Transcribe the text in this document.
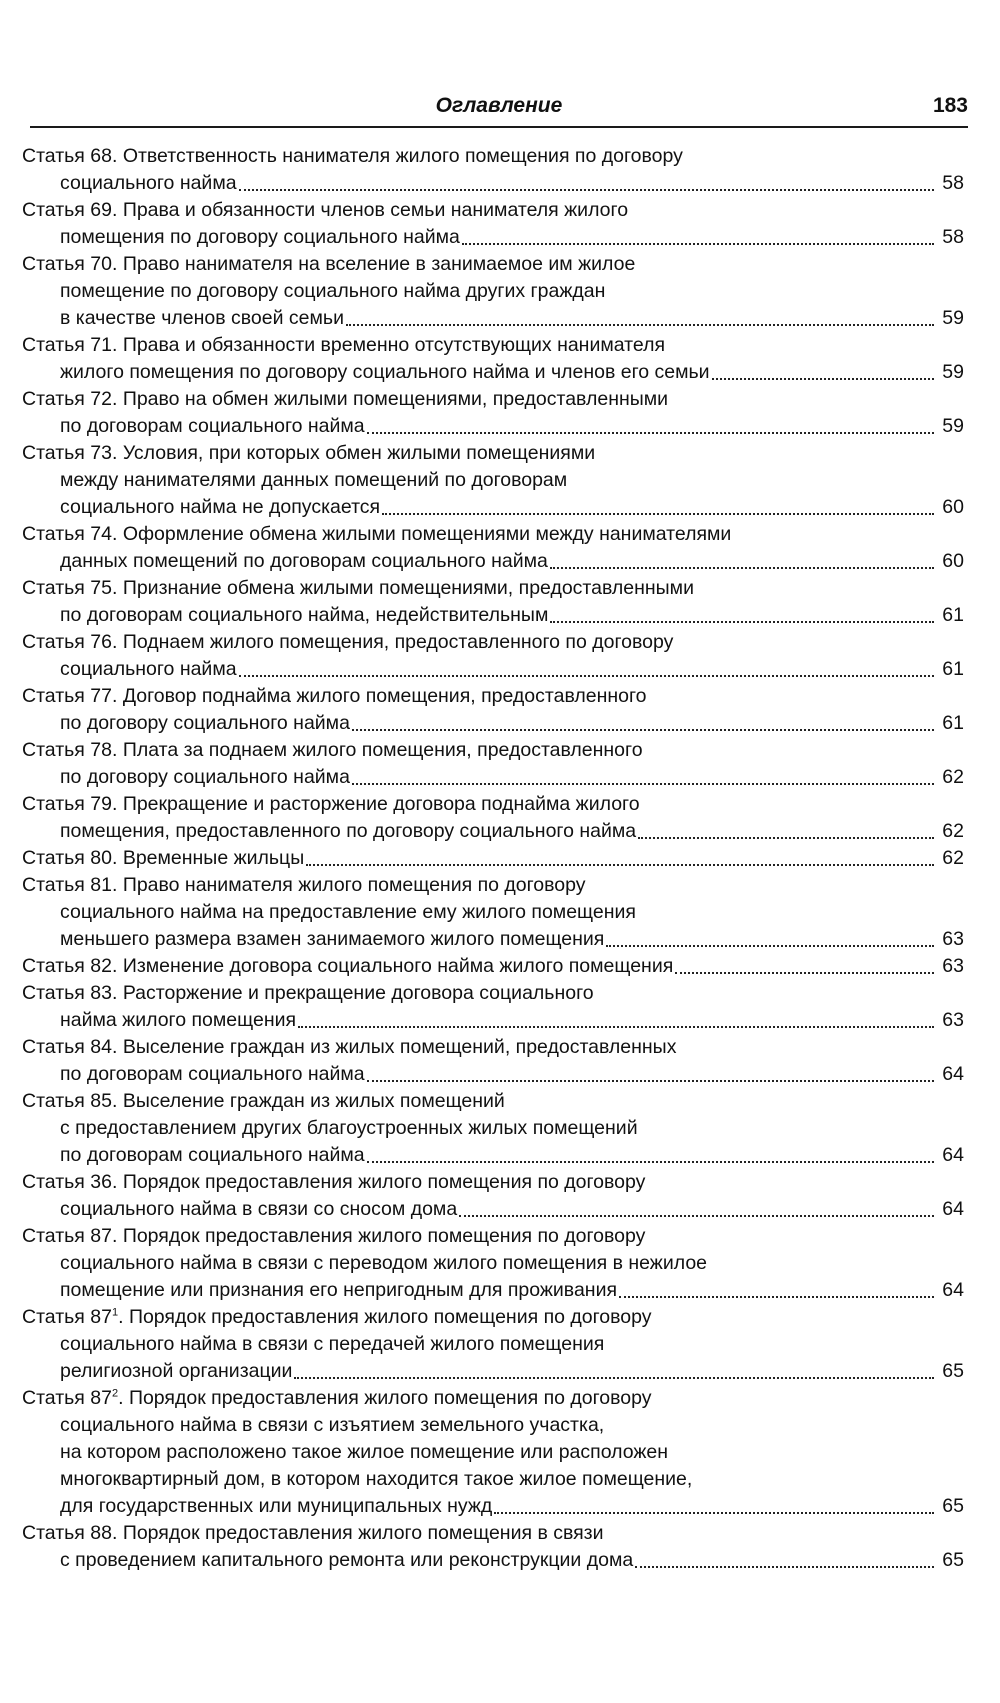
Оглавление	183
Статья 68. Ответственность нанимателя жилого помещения по договору
социального найма	58
Статья 69. Права и обязанности членов семьи нанимателя жилого
помещения по договору социального найма	58
Статья 70. Право нанимателя на вселение в занимаемое им жилое
помещение по договору социального найма других граждан
в качестве членов своей семьи	59
Статья 71. Права и обязанности временно отсутствующих нанимателя
жилого помещения по договору социального найма и членов его семьи	59
Статья 72. Право на обмен жилыми помещениями, предоставленными
по договорам социального найма	59
Статья 73. Условия, при которых обмен жилыми помещениями
между нанимателями данных помещений по договорам
социального найма не допускается	60
Статья 74. Оформление обмена жилыми помещениями между нанимателями
данных помещений по договорам социального найма	60
Статья 75. Признание обмена жилыми помещениями, предоставленными
по договорам социального найма, недействительным	61
Статья 76. Поднаем жилого помещения, предоставленного по договору
социального найма	61
Статья 77. Договор поднайма жилого помещения, предоставленного
по договору социального найма	61
Статья 78. Плата за поднаем жилого помещения, предоставленного
по договору социального найма	62
Статья 79. Прекращение и расторжение договора поднайма жилого
помещения, предоставленного по договору социального найма	62
Статья 80. Временные жильцы	62
Статья 81. Право нанимателя жилого помещения по договору
социального найма на предоставление ему жилого помещения
меньшего размера взамен занимаемого жилого помещения	63
Статья 82. Изменение договора социального найма жилого помещения	63
Статья 83. Расторжение и прекращение договора социального
найма жилого помещения	63
Статья 84. Выселение граждан из жилых помещений, предоставленных
по договорам социального найма	64
Статья 85. Выселение граждан из жилых помещений
с предоставлением других благоустроенных жилых помещений
по договорам социального найма	64
Статья 36. Порядок предоставления жилого помещения по договору
социального найма в связи со сносом дома	64
Статья 87. Порядок предоставления жилого помещения по договору
социального найма в связи с переводом жилого помещения в нежилое
помещение или признания его непригодным для проживания	64
Статья $87^1$. Порядок предоставления жилого помещения по договору
социального найма в связи с передачей жилого помещения
религиозной организации	65
Статья $87^2$. Порядок предоставления жилого помещения по договору
социального найма в связи с изъятием земельного участка,
на котором расположено такое жилое помещение или расположен
многоквартирный дом, в котором находится такое жилое помещение,
для государственных или муниципальных нужд	65
Статья 88. Порядок предоставления жилого помещения в связи
с проведением капитального ремонта или реконструкции дома	65
